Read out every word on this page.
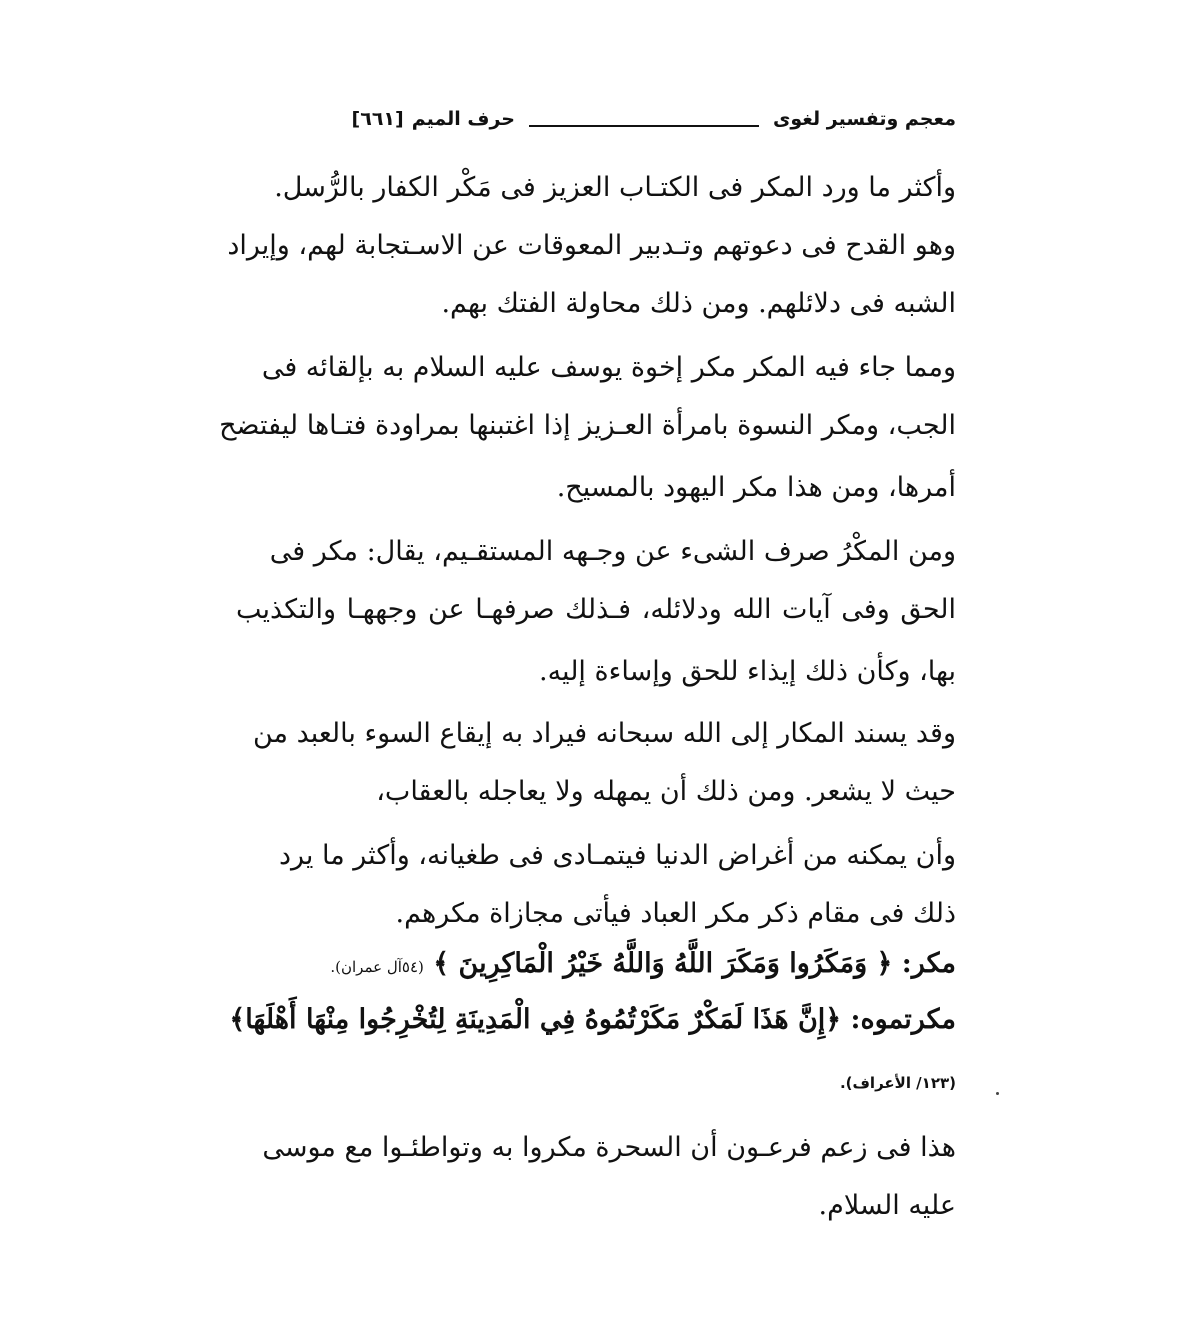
معجم وتفسير لغوى
حرف الميم
[٦٦١]
وأكثر ما ورد المكر فى الكتـاب العزيز فى مَكْر الكفار بالرُّسل.
وهو القدح فى دعوتهم وتـدبير المعوقات عن الاسـتجابة لهم، وإيراد
الشبه فى دلائلهم. ومن ذلك محاولة الفتك بهم.
ومما جاء فيه المكر مكر إخوة يوسف عليه السلام به بإلقائه فى
الجب، ومكر النسوة بامرأة العـزيز إذا اغتبنها بمراودة فتـاها ليفتضح
أمرها، ومن هذا مكر اليهود بالمسيح.
ومن المكْرُ صرف الشىء عن وجـهه المستقـيم، يقال: مكر فى
الحق وفى آيات الله ودلائله، فـذلك صرفهـا عن وجههـا والتكذيب
بها، وكأن ذلك إيذاء للحق وإساءة إليه.
وقد يسند المكار إلى الله سبحانه فيراد به إيقاع السوء بالعبد من
حيث لا يشعر. ومن ذلك أن يمهله ولا يعاجله بالعقاب،
وأن يمكنه من أغراض الدنيا فيتمـادى فى طغيانه، وأكثر ما يرد
ذلك فى مقام ذكر مكر العباد فيأتى مجازاة مكرهم.
مكر: ﴿ وَمَكَرُوا وَمَكَرَ اللَّهُ وَاللَّهُ خَيْرُ الْمَاكِرِينَ ﴾ (٥٤آل عمران).
مكرتموه: ﴿إِنَّ هَذَا لَمَكْرٌ مَكَرْتُمُوهُ فِي الْمَدِينَةِ لِتُخْرِجُوا مِنْهَا أَهْلَهَا﴾
(١٢٣/ الأعراف).
هذا فى زعم فرعـون أن السحرة مكروا به وتواطئـوا مع موسى
عليه السلام.
